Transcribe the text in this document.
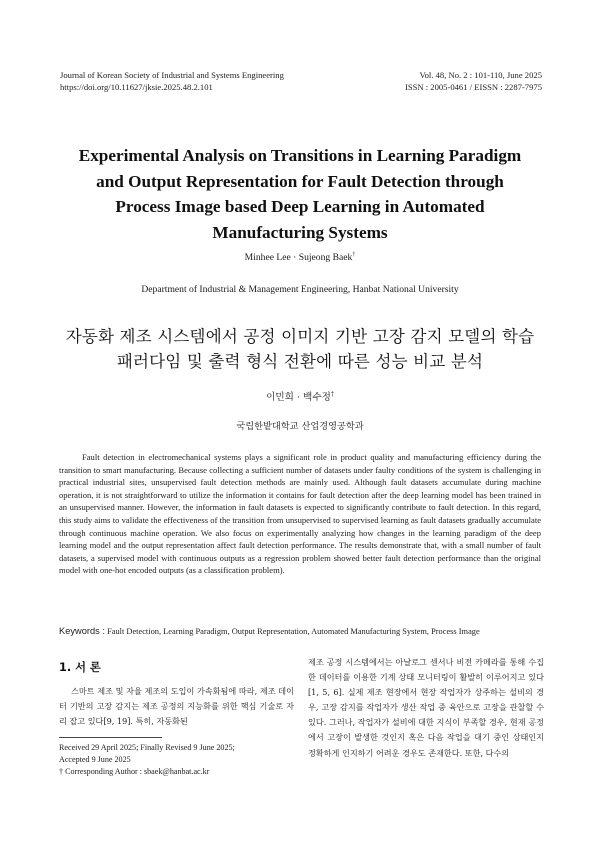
Journal of Korean Society of Industrial and Systems Engineering
https://doi.org/10.11627/jksie.2025.48.2.101
Vol. 48, No. 2 : 101-110, June 2025
ISSN : 2005-0461 / EISSN : 2287-7975
Experimental Analysis on Transitions in Learning Paradigm
and Output Representation for Fault Detection through
Process Image based Deep Learning in Automated
Manufacturing Systems
Minhee Lee · Sujeong Baek†
Department of Industrial & Management Engineering, Hanbat National University
자동화 제조 시스템에서 공정 이미지 기반 고장 감지 모델의 학습
패러다임 및 출력 형식 전환에 따른 성능 비교 분석
이민희 · 백수정†
국립한밭대학교 산업경영공학과

Fault detection in electromechanical systems plays a significant role in product quality and manufacturing efficiency during the transition to smart manufacturing. Because collecting a sufficient number of datasets under faulty conditions of the system is challenging in practical industrial sites, unsupervised fault detection methods are mainly used. Although fault datasets accumulate during machine operation, it is not straightforward to utilize the information it contains for fault detection after the deep learning model has been trained in an unsupervised manner. However, the information in fault datasets is expected to significantly contribute to fault detection. In this regard, this study aims to validate the effectiveness of the transition from unsupervised to supervised learning as fault datasets gradually accumulate through continuous machine operation. We also focus on experimentally analyzing how changes in the learning paradigm of the deep learning model and the output representation affect fault detection performance. The results demonstrate that, with a small number of fault datasets, a supervised model with continuous outputs as a regression problem showed better fault detection performance than the original model with one-hot encoded outputs (as a classification problem).

Keywords : Fault Detection, Learning Paradigm, Output Representation, Automated Manufacturing System, Process Image
1. 서 론

스마트 제조 및 자율 제조의 도입이 가속화됨에 따라, 제조 데이터 기반의 고장 감지는 제조 공정의 지능화를 위한 핵심 기술로 자리 잡고 있다[9, 19]. 특히, 자동화된

Received 29 April 2025; Finally Revised 9 June 2025;
Accepted 9 June 2025
† Corresponding Author : sbaek@hanbat.ac.kr

제조 공정 시스템에서는 아날로그 센서나 비전 카메라를 통해 수집한 데이터를 이용한 기계 상태 모니터링이 활발히 이루어지고 있다[1, 5, 6]. 실제 제조 현장에서 현장 작업자가 상주하는 설비의 경우, 고장 감지를 작업자가 생산 작업 중 육안으로 고장을 관찰할 수 있다. 그러나, 작업자가 설비에 대한 지식이 부족할 경우, 현재 공정에서 고장이 발생한 것인지 혹은 다음 작업을 대기 중인 상태인지 정확하게 인지하기 어려운 경우도 존재한다. 또한, 다수의
